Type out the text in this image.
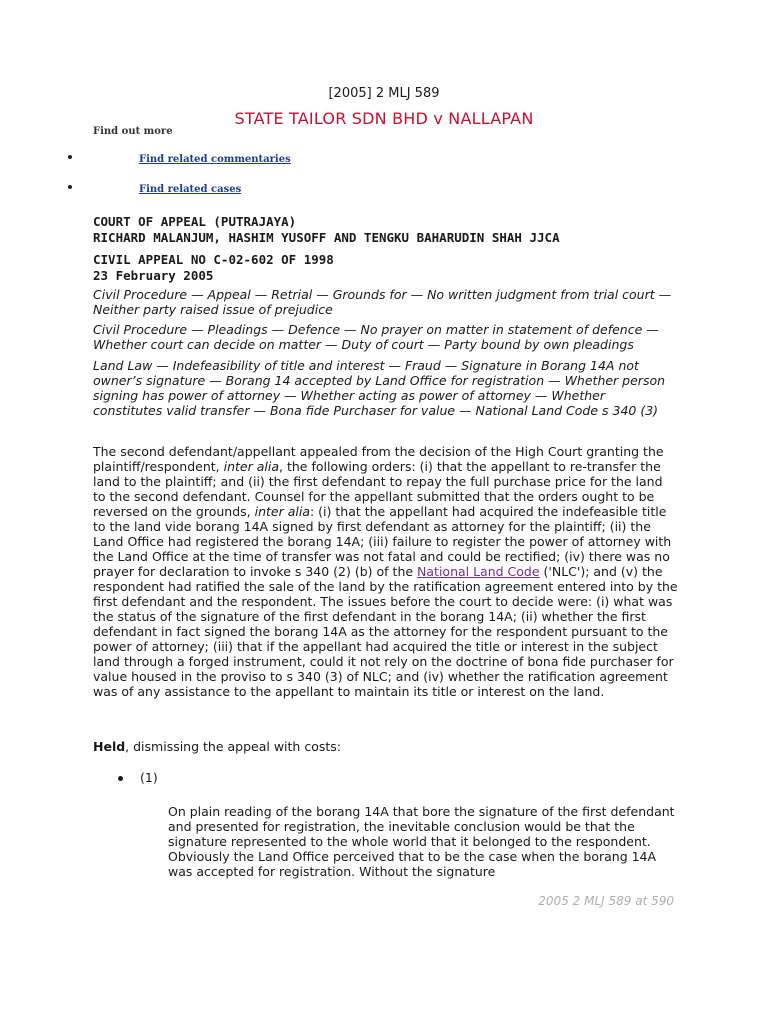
[2005] 2 MLJ 589
STATE TAILOR SDN BHD v NALLAPAN
Find out more
Find related commentaries
Find related cases
COURT OF APPEAL (PUTRAJAYA)
RICHARD MALANJUM, HASHIM YUSOFF AND TENGKU BAHARUDIN SHAH JJCA
CIVIL APPEAL NO C-02-602 OF 1998
23 February 2005
Civil Procedure — Appeal — Retrial — Grounds for — No written judgment from trial court — Neither party raised issue of prejudice
Civil Procedure — Pleadings — Defence — No prayer on matter in statement of defence — Whether court can decide on matter — Duty of court — Party bound by own pleadings
Land Law — Indefeasibility of title and interest — Fraud — Signature in Borang 14A not owner’s signature — Borang 14 accepted by Land Office for registration — Whether person signing has power of attorney — Whether acting as power of attorney — Whether constitutes valid transfer — Bona fide Purchaser for value — National Land Code s 340 (3)
The second defendant/appellant appealed from the decision of the High Court granting the plaintiff/respondent, inter alia, the following orders: (i) that the appellant to re-transfer the land to the plaintiff; and (ii) the first defendant to repay the full purchase price for the land to the second defendant. Counsel for the appellant submitted that the orders ought to be reversed on the grounds, inter alia: (i) that the appellant had acquired the indefeasible title to the land vide borang 14A signed by first defendant as attorney for the plaintiff; (ii) the Land Office had registered the borang 14A; (iii) failure to register the power of attorney with the Land Office at the time of transfer was not fatal and could be rectified; (iv) there was no prayer for declaration to invoke s 340 (2) (b) of the National Land Code ('NLC'); and (v) the respondent had ratified the sale of the land by the ratification agreement entered into by the first defendant and the respondent. The issues before the court to decide were: (i) what was the status of the signature of the first defendant in the borang 14A; (ii) whether the first defendant in fact signed the borang 14A as the attorney for the respondent pursuant to the power of attorney; (iii) that if the appellant had acquired the title or interest in the subject land through a forged instrument, could it not rely on the doctrine of bona fide purchaser for value housed in the proviso to s 340 (3) of NLC; and (iv) whether the ratification agreement was of any assistance to the appellant to maintain its title or interest on the land.
Held, dismissing the appeal with costs:
(1)
On plain reading of the borang 14A that bore the signature of the first defendant and presented for registration, the inevitable conclusion would be that the signature represented to the whole world that it belonged to the respondent. Obviously the Land Office perceived that to be the case when the borang 14A was accepted for registration. Without the signature
2005 2 MLJ 589 at 590
